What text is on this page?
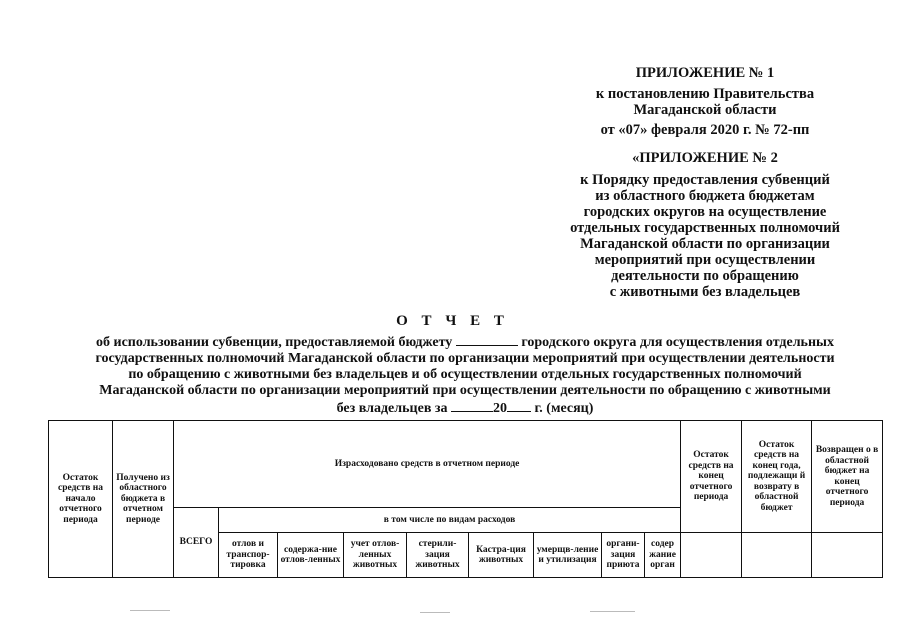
ПРИЛОЖЕНИЕ № 1
к постановлению Правительства
Магаданской области
от «07» февраля 2020 г. № 72-пп
«ПРИЛОЖЕНИЕ № 2
к Порядку предоставления субвенций
из областного бюджета бюджетам
городских округов на осуществление
отдельных государственных полномочий
Магаданской области по организации
мероприятий при осуществлении
деятельности по обращению
с животными без владельцев
О Т Ч Е Т
об использовании субвенции, предоставляемой бюджету	городского округа для осуществления отдельных государственных полномочий Магаданской области по организации мероприятий при осуществлении деятельности по обращению с животными без владельцев и об осуществлении отдельных государственных полномочий Магаданской области по организации мероприятий при осуществлении деятельности по обращению с животными без владельцев за	20 г. (месяц)
Остаток средств на начало отчетного периода	Получено из областного бюджета в отчетном периоде	Израсходовано средств в отчетном периоде									Остаток средств на конец отчетного периода	Остаток средств на конец года, подлежащи й возврату в областной бюджет	Возвращен о в областной бюджет на конец отчетного периода
		ВСЕГО	в том числе по видам расходов										
			отлов и транспор-тировка	содержа-ние отлов-ленных	учет отлов-ленных животных	стерили-зация животных	Кастра-ция животных	умерщв-ление и утилизация	органи-зация приюта	содер жание орган			
